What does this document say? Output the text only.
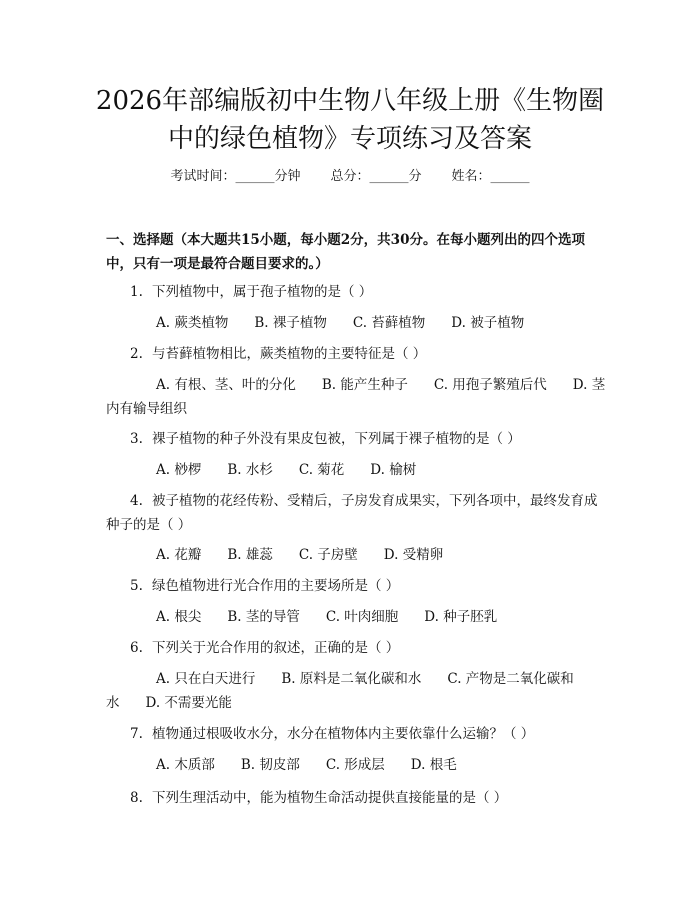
2026年部编版初中生物八年级上册《生物圈
中的绿色植物》专项练习及答案
考试时间：______分钟 总分：______分 姓名：______
一、选择题（本大题共15小题，每小题2分，共30分。在每小题列出的四个选项中，只有一项是最符合题目要求的。）
1. 下列植物中，属于孢子植物的是（ ）
A. 蕨类植物 B. 裸子植物 C. 苔藓植物 D. 被子植物
2. 与苔藓植物相比，蕨类植物的主要特征是（ ）
A. 有根、茎、叶的分化 B. 能产生种子 C. 用孢子繁殖后代 D. 茎内有输导组织
3. 裸子植物的种子外没有果皮包被，下列属于裸子植物的是（ ）
A. 桫椤 B. 水杉 C. 菊花 D. 榆树
4. 被子植物的花经传粉、受精后，子房发育成果实，下列各项中，最终发育成种子的是（ ）
A. 花瓣 B. 雄蕊 C. 子房壁 D. 受精卵
5. 绿色植物进行光合作用的主要场所是（ ）
A. 根尖 B. 茎的导管 C. 叶肉细胞 D. 种子胚乳
6. 下列关于光合作用的叙述，正确的是（ ）
A. 只在白天进行 B. 原料是二氧化碳和水 C. 产物是二氧化碳和水 D. 不需要光能
7. 植物通过根吸收水分，水分在植物体内主要依靠什么运输？（ ）
A. 木质部 B. 韧皮部 C. 形成层 D. 根毛
8. 下列生理活动中，能为植物生命活动提供直接能量的是（ ）
